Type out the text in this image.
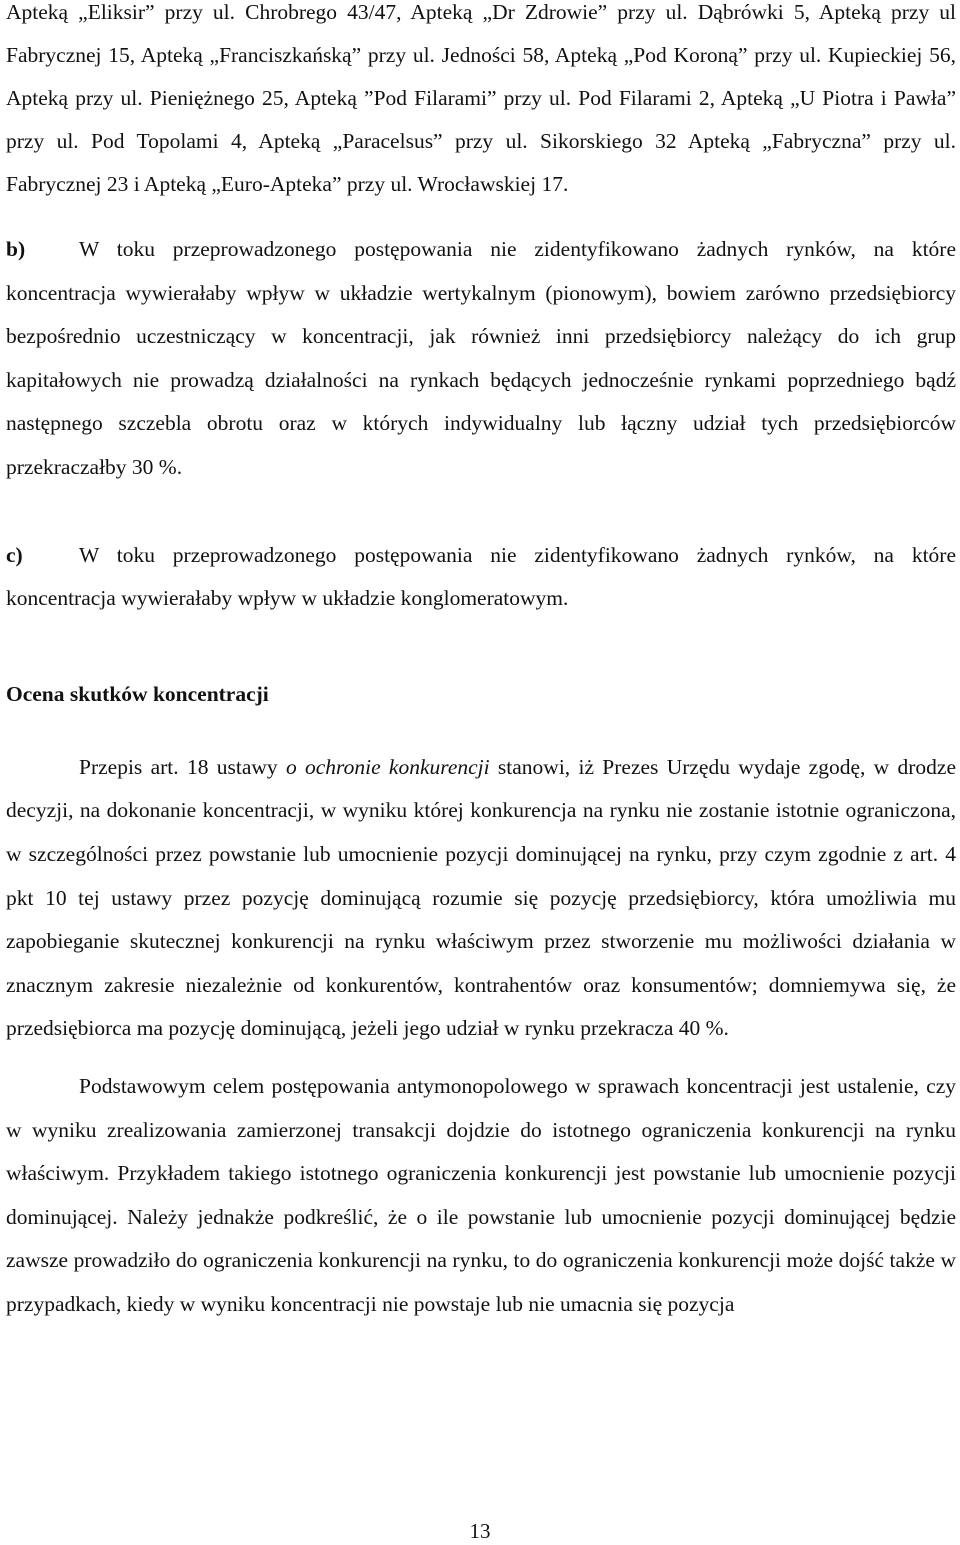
Apteką „Eliksir” przy ul. Chrobrego 43/47, Apteką „Dr Zdrowie” przy ul. Dąbrówki 5, Apteką przy ul Fabrycznej 15, Apteką „Franciszkańską” przy ul. Jedności 58, Apteką „Pod Koroną” przy ul. Kupieckiej 56, Apteką przy ul. Pieniężnego 25, Apteką ”Pod Filarami” przy ul. Pod Filarami 2, Apteką „U Piotra i Pawła” przy ul. Pod Topolami 4, Apteką „Paracelsus” przy ul. Sikorskiego 32 Apteką „Fabryczna” przy ul. Fabrycznej 23 i Apteką „Euro-Apteka” przy ul. Wrocławskiej 17.

b)	W toku przeprowadzonego postępowania nie zidentyfikowano żadnych rynków, na które koncentracja wywierałaby wpływ w układzie wertykalnym (pionowym), bowiem zarówno przedsiębiorcy bezpośrednio uczestniczący w koncentracji, jak również inni przedsiębiorcy należący do ich grup kapitałowych nie prowadzą działalności na rynkach będących jednocześnie rynkami poprzedniego bądź następnego szczebla obrotu oraz w których indywidualny lub łączny udział tych przedsiębiorców przekraczałby 30 %.

c)	W toku przeprowadzonego postępowania nie zidentyfikowano żadnych rynków, na które koncentracja wywierałaby wpływ w układzie konglomeratowym.

Ocena skutków koncentracji

Przepis art. 18 ustawy o ochronie konkurencji stanowi, iż Prezes Urzędu wydaje zgodę, w drodze decyzji, na dokonanie koncentracji, w wyniku której konkurencja na rynku nie zostanie istotnie ograniczona, w szczególności przez powstanie lub umocnienie pozycji dominującej na rynku, przy czym zgodnie z art. 4 pkt 10 tej ustawy przez pozycję dominującą rozumie się pozycję przedsiębiorcy, która umożliwia mu zapobieganie skutecznej konkurencji na rynku właściwym przez stworzenie mu możliwości działania w znacznym zakresie niezależnie od konkurentów, kontrahentów oraz konsumentów; domniemywa się, że przedsiębiorca ma pozycję dominującą, jeżeli jego udział w rynku przekracza 40 %.

Podstawowym celem postępowania antymonopolowego w sprawach koncentracji jest ustalenie, czy w wyniku zrealizowania zamierzonej transakcji dojdzie do istotnego ograniczenia konkurencji na rynku właściwym. Przykładem takiego istotnego ograniczenia konkurencji jest powstanie lub umocnienie pozycji dominującej. Należy jednakże podkreślić, że o ile powstanie lub umocnienie pozycji dominującej będzie zawsze prowadziło do ograniczenia konkurencji na rynku, to do ograniczenia konkurencji może dojść także w przypadkach, kiedy w wyniku koncentracji nie powstaje lub nie umacnia się pozycja

13
